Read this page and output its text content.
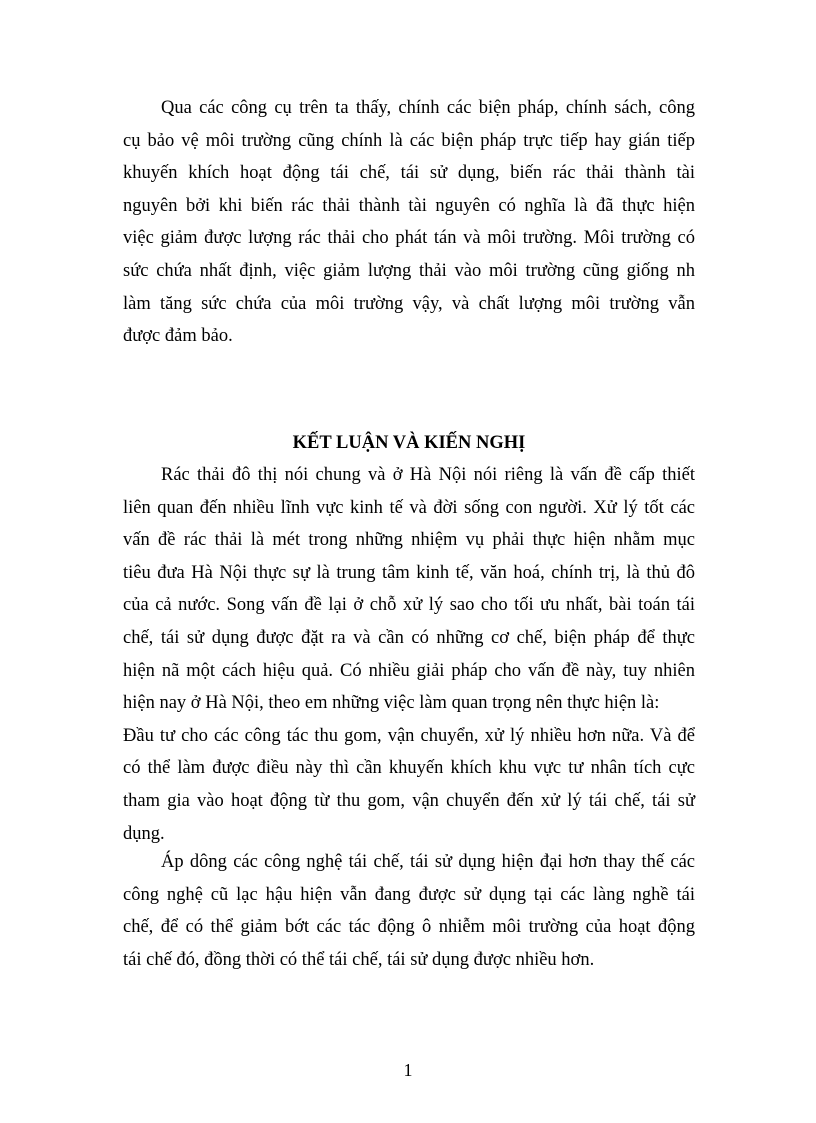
Qua các công cụ trên ta thấy, chính các biện pháp, chính sách, công
cụ bảo vệ môi trường cũng chính là các biện pháp trực tiếp hay gián tiếp
khuyến khích hoạt động tái chế, tái sử dụng, biến rác thải thành tài
nguyên bởi khi biến rác thải thành tài nguyên có nghĩa là đã thực hiện
việc giảm được lượng rác thải cho phát tán và môi trường. Môi trường có
sức chứa nhất định, việc giảm lượng thải vào môi trường cũng giống nh
làm tăng sức chứa của môi trường vậy, và chất lượng môi trường vẫn
được đảm bảo.

KẾT LUẬN VÀ KIẾN NGHỊ

Rác thải đô thị nói chung và ở Hà Nội nói riêng là vấn đề cấp thiết
liên quan đến nhiều lĩnh vực kinh tế và đời sống con người. Xử lý tốt các
vấn đề rác thải là mét trong những nhiệm vụ phải thực hiện nhằm mục
tiêu đưa Hà Nội thực sự là trung tâm kinh tế, văn hoá, chính trị, là thủ đô
của cả nước. Song vấn đề lại ở chỗ xử lý sao cho tối ưu nhất, bài toán tái
chế, tái sử dụng được đặt ra và cần có những cơ chế, biện pháp để thực
hiện nã một cách hiệu quả. Có nhiều giải pháp cho vấn đề này, tuy nhiên
hiện nay ở Hà Nội, theo em những việc làm quan trọng nên thực hiện là:
Đầu tư cho các công tác thu gom, vận chuyển, xử lý nhiều hơn nữa. Và để
có thể làm được điều này thì cần khuyến khích khu vực tư nhân tích cực
tham gia vào hoạt động từ thu gom, vận chuyển đến xử lý tái chế, tái sử
dụng.

Áp dông các công nghệ tái chế, tái sử dụng hiện đại hơn thay thế các
công nghệ cũ lạc hậu hiện vẫn đang được sử dụng tại các làng nghề tái
chế, để có thể giảm bớt các tác động ô nhiễm môi trường của hoạt động
tái chế đó, đồng thời có thể tái chế, tái sử dụng được nhiều hơn.

1
